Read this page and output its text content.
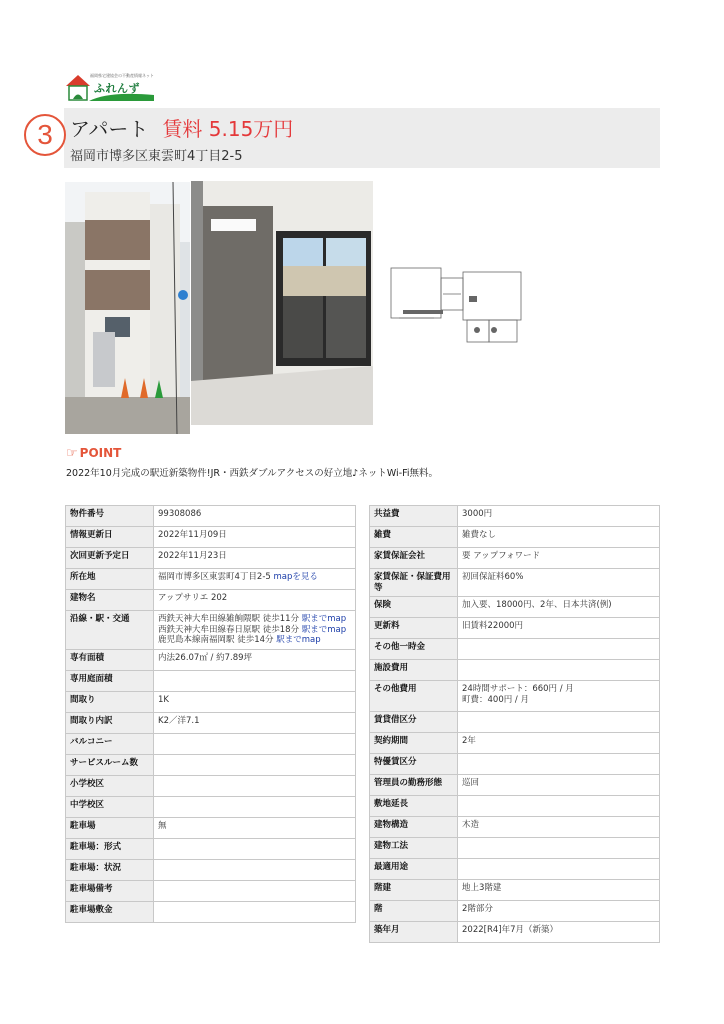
福岡県宅建協会の不動産情報ネット
ふれんず
3 アパート 賃料 5.15万円
福岡市博多区東雲町4丁目2-5
☞ POINT
2022年10月完成の駅近新築物件!JR・西鉄ダブルアクセスの好立地♪ネットWi-Fi無料。
物件番号	99308086
情報更新日	2022年11月09日
次回更新予定日	2022年11月23日
所在地	福岡市博多区東雲町4丁目2-5 mapを見る
建物名	アップサリエ 202
沿線・駅・交通	西鉄天神大牟田線雑餉隈駅 徒歩11分 駅までmap
西鉄天神大牟田線春日原駅 徒歩18分 駅までmap
鹿児島本線南福岡駅 徒歩14分 駅までmap
専有面積	内法26.07㎡ / 約7.89坪
専用庭面積	
間取り	1K
間取り内訳	K2／洋7.1
バルコニー	
サービスルーム数	
小学校区	
中学校区	
駐車場	無
駐車場：形式	
駐車場：状況	
駐車場備考	
駐車場敷金	
共益費	3000円
雑費	雑費なし
家賃保証会社	要 アップフォワード
家賃保証・保証費用等	初回保証料60%
保険	加入要、18000円、2年、日本共済(例)
更新料	旧賃料22000円
その他一時金	
施設費用	
その他費用	24時間サポート：660円 / 月
町費：400円 / 月
賃貸借区分	
契約期間	2年
特優賃区分	
管理員の勤務形態	巡回
敷地延長	
建物構造	木造
建物工法	
最適用途	
階建	地上3階建
階	2階部分
築年月	2022[R4]年7月（新築）
